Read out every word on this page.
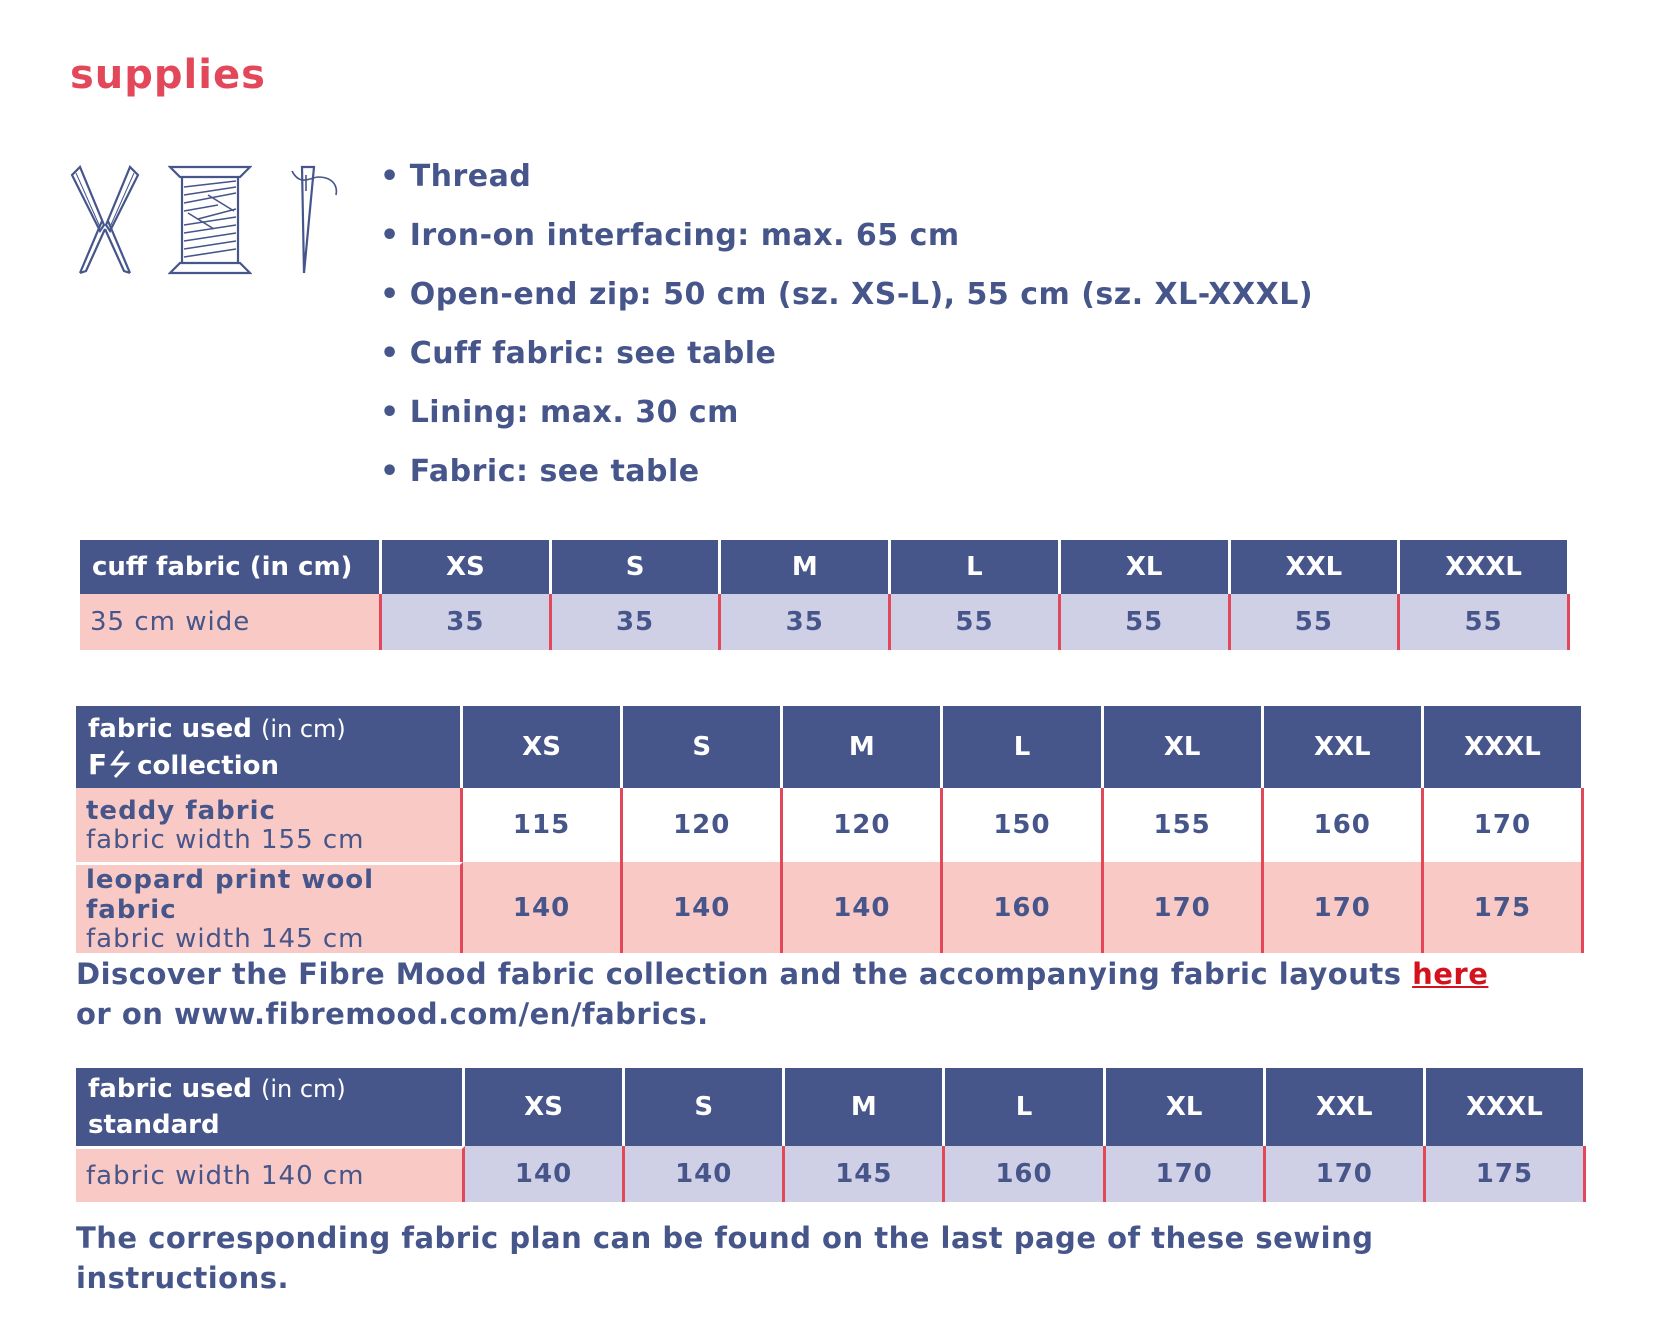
supplies
• Thread
• Iron-on interfacing: max. 65 cm
• Open-end zip: 50 cm (sz. XS-L), 55 cm (sz. XL-XXXL)
• Cuff fabric: see table
• Lining: max. 30 cm
• Fabric: see table
cuff fabric (in cm)	XS	S	M	L	XL	XXL	XXXL
35 cm wide	35	35	35	55	55	55	55
fabric used (in cm)
F collection	XS	S	M	L	XL	XXL	XXXL

teddy fabric
fabric width 155 cm	115	120	120	150	155	160	170

leopard print wool fabric
fabric width 145 cm	140	140	140	160	170	170	175

Discover the Fibre Mood fabric collection and the accompanying fabric layouts here
or on www.fibremood.com/en/fabrics.

fabric used (in cm)
standard	XS	S	M	L	XL	XXL	XXXL
fabric width 140 cm	140	140	145	160	170	170	175

The corresponding fabric plan can be found on the last page of these sewing instructions.
